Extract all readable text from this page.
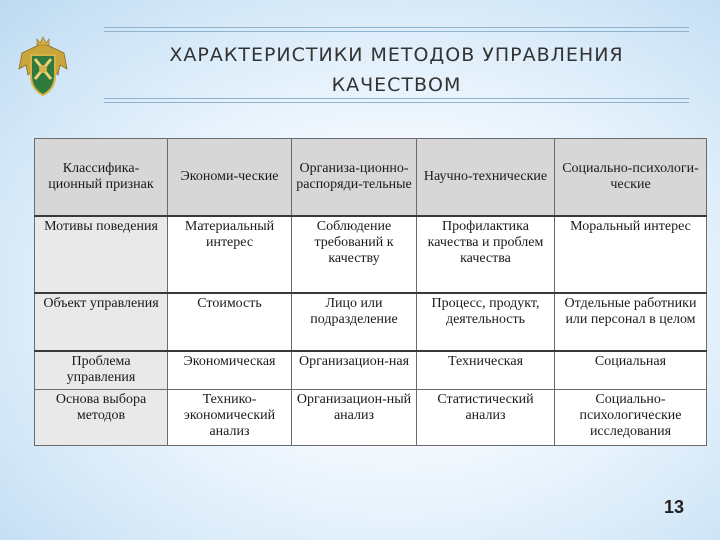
ХАРАКТЕРИСТИКИ МЕТОДОВ УПРАВЛЕНИЯ
КАЧЕСТВОМ
Классифика-ционный признак	Экономи-ческие	Организа-ционно-распоряди-тельные	Научно-технические	Социально-психологи-ческие
Мотивы поведения	Материальный интерес	Соблюдение требований к качеству	Профилактика качества и проблем качества	Моральный интерес
Объект управления	Стоимость	Лицо или подразделение	Процесс, продукт, деятельность	Отдельные работники или персонал в целом
Проблема управления	Экономическая	Организацион-ная	Техническая	Социальная
Основа выбора методов	Технико-экономический анализ	Организацион-ный анализ	Статистический анализ	Социально-психологические исследования
13
